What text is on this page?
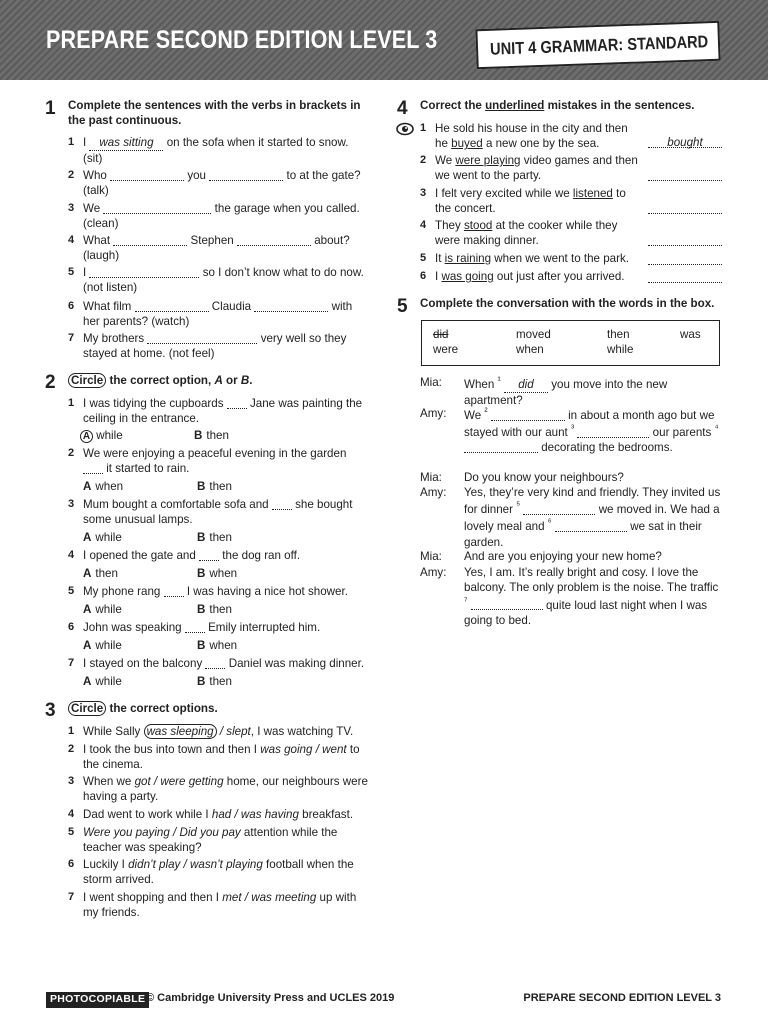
PREPARE SECOND EDITION LEVEL 3	UNIT 4 GRAMMAR: STANDARD
1 Complete the sentences with the verbs in brackets in the past continuous.
1 I was sitting on the sofa when it started to snow. (sit)
2 Who	you	to at the gate? (talk)
3 We	the garage when you called. (clean)
4 What	Stephen	about? (laugh)
5 I	so I don’t know what to do now. (not listen)
6 What film	Claudia	with her parents? (watch)
7 My brothers	very well so they stayed at home. (not feel)
2 Circle the correct option, A or B.
1 I was tidying the cupboards Jane was painting the ceiling in the entrance.
A while	B then
2 We were enjoying a peaceful evening in the garden  it started to rain.
A when	B then
3 Mum bought a comfortable sofa and she bought some unusual lamps.
A while	B then
4 I opened the gate and the dog ran off.
A then	B when
5 My phone rang I was having a nice hot shower.
A while	B then
6 John was speaking Emily interrupted him.
A while	B when
7 I stayed on the balcony Daniel was making dinner.
A while	B then
3 Circle the correct options.
1 While Sally was sleeping / slept, I was watching TV.
2 I took the bus into town and then I was going / went to the cinema.
3 When we got / were getting home, our neighbours were having a party.
4 Dad went to work while I had / was having breakfast.
5 Were you paying / Did you pay attention while the teacher was speaking?
6 Luckily I didn’t play / wasn’t playing football when the storm arrived.
7 I went shopping and then I met / was meeting up with my friends.
4 Correct the underlined mistakes in the sentences.
1 He sold his house in the city and then he buyed a new one by the sea.	bought
2 We were playing video games and then we went to the party.
3 I felt very excited while we listened to the concert.
4 They stood at the cooker while they were making dinner.
5 It is raining when we went to the park.
6 I was going out just after you arrived.
5 Complete the conversation with the words in the box.
did	moved	then	was
were	when	while
Mia: When $^{^1}$ did you move into the new apartment?
Amy: We $^{^2}$	in about a month ago but we stayed with our aunt $^{^3}$	our parents $^{^4}$  decorating the bedrooms.
Mia: Do you know your neighbours?
Amy: Yes, they’re very kind and friendly. They invited us for dinner $^{^5}$	we moved in. We had a lovely meal and $^{^6}$	we sat in their garden.
Mia: And are you enjoying your new home?
Amy: Yes, I am. It’s really bright and cosy. I love the balcony. The only problem is the noise. The traffic $^{^7}$	quite loud last night when I was going to bed.
PHOTOCOPIABLE © Cambridge University Press and UCLES 2019	PREPARE SECOND EDITION LEVEL 3
